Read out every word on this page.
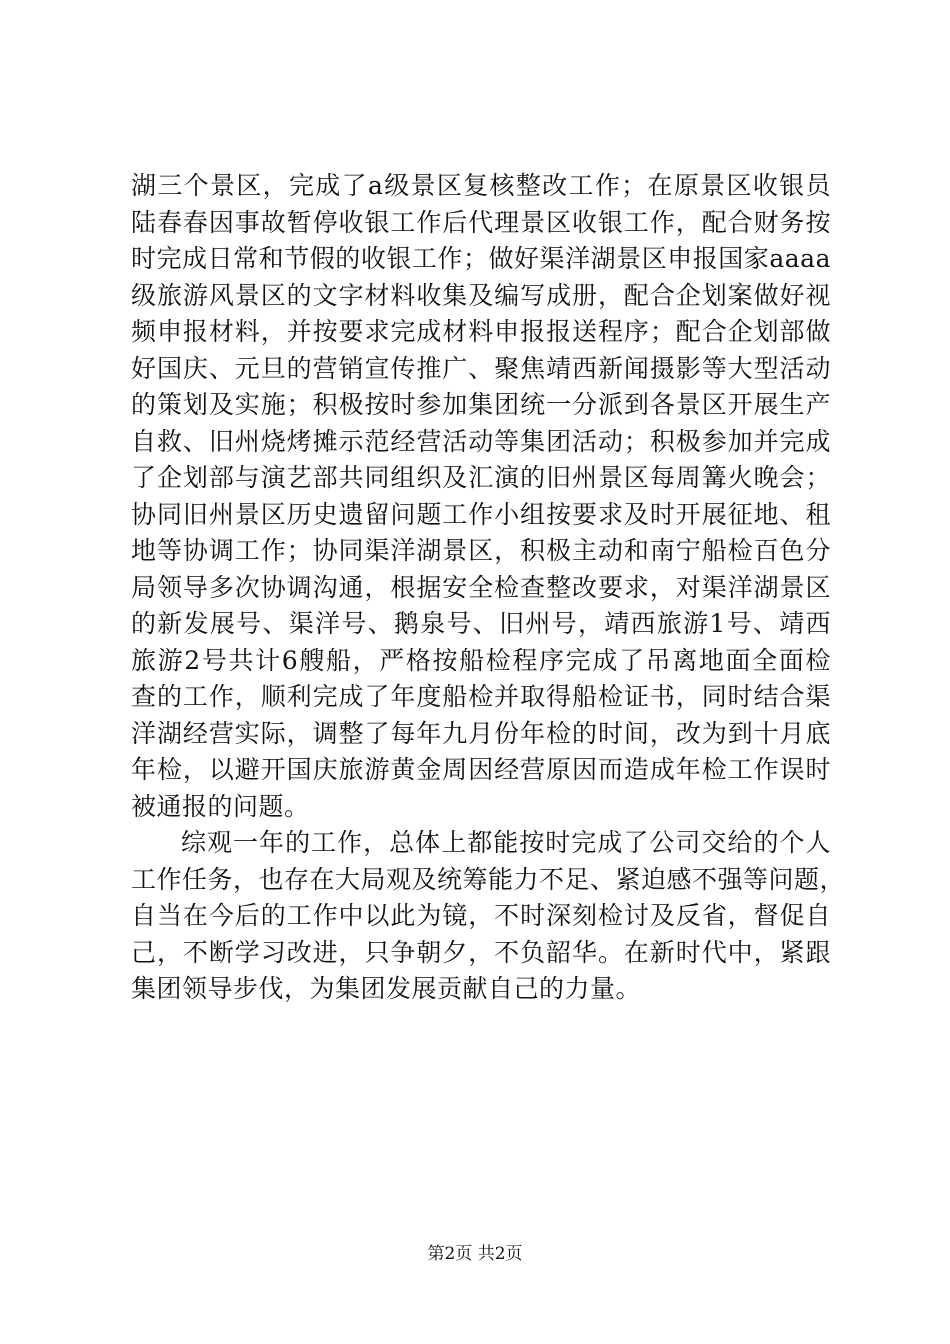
湖三个景区，完成了a级景区复核整改工作；在原景区收银员
陆春春因事故暂停收银工作后代理景区收银工作，配合财务按
时完成日常和节假的收银工作；做好渠洋湖景区申报国家aaaa
级旅游风景区的文字材料收集及编写成册，配合企划案做好视
频申报材料，并按要求完成材料申报报送程序；配合企划部做
好国庆、元旦的营销宣传推广、聚焦靖西新闻摄影等大型活动
的策划及实施；积极按时参加集团统一分派到各景区开展生产
自救、旧州烧烤摊示范经营活动等集团活动；积极参加并完成
了企划部与演艺部共同组织及汇演的旧州景区每周篝火晚会；
协同旧州景区历史遗留问题工作小组按要求及时开展征地、租
地等协调工作；协同渠洋湖景区，积极主动和南宁船检百色分
局领导多次协调沟通，根据安全检查整改要求，对渠洋湖景区
的新发展号、渠洋号、鹅泉号、旧州号，靖西旅游1号、靖西
旅游2号共计6艘船，严格按船检程序完成了吊离地面全面检
查的工作，顺利完成了年度船检并取得船检证书，同时结合渠
洋湖经营实际，调整了每年九月份年检的时间，改为到十月底
年检，以避开国庆旅游黄金周因经营原因而造成年检工作误时
被通报的问题。
综观一年的工作，总体上都能按时完成了公司交给的个人
工作任务，也存在大局观及统筹能力不足、紧迫感不强等问题，
自当在今后的工作中以此为镜，不时深刻检讨及反省，督促自
己，不断学习改进，只争朝夕，不负韶华。在新时代中，紧跟
集团领导步伐，为集团发展贡献自己的力量。
第2页 共2页
